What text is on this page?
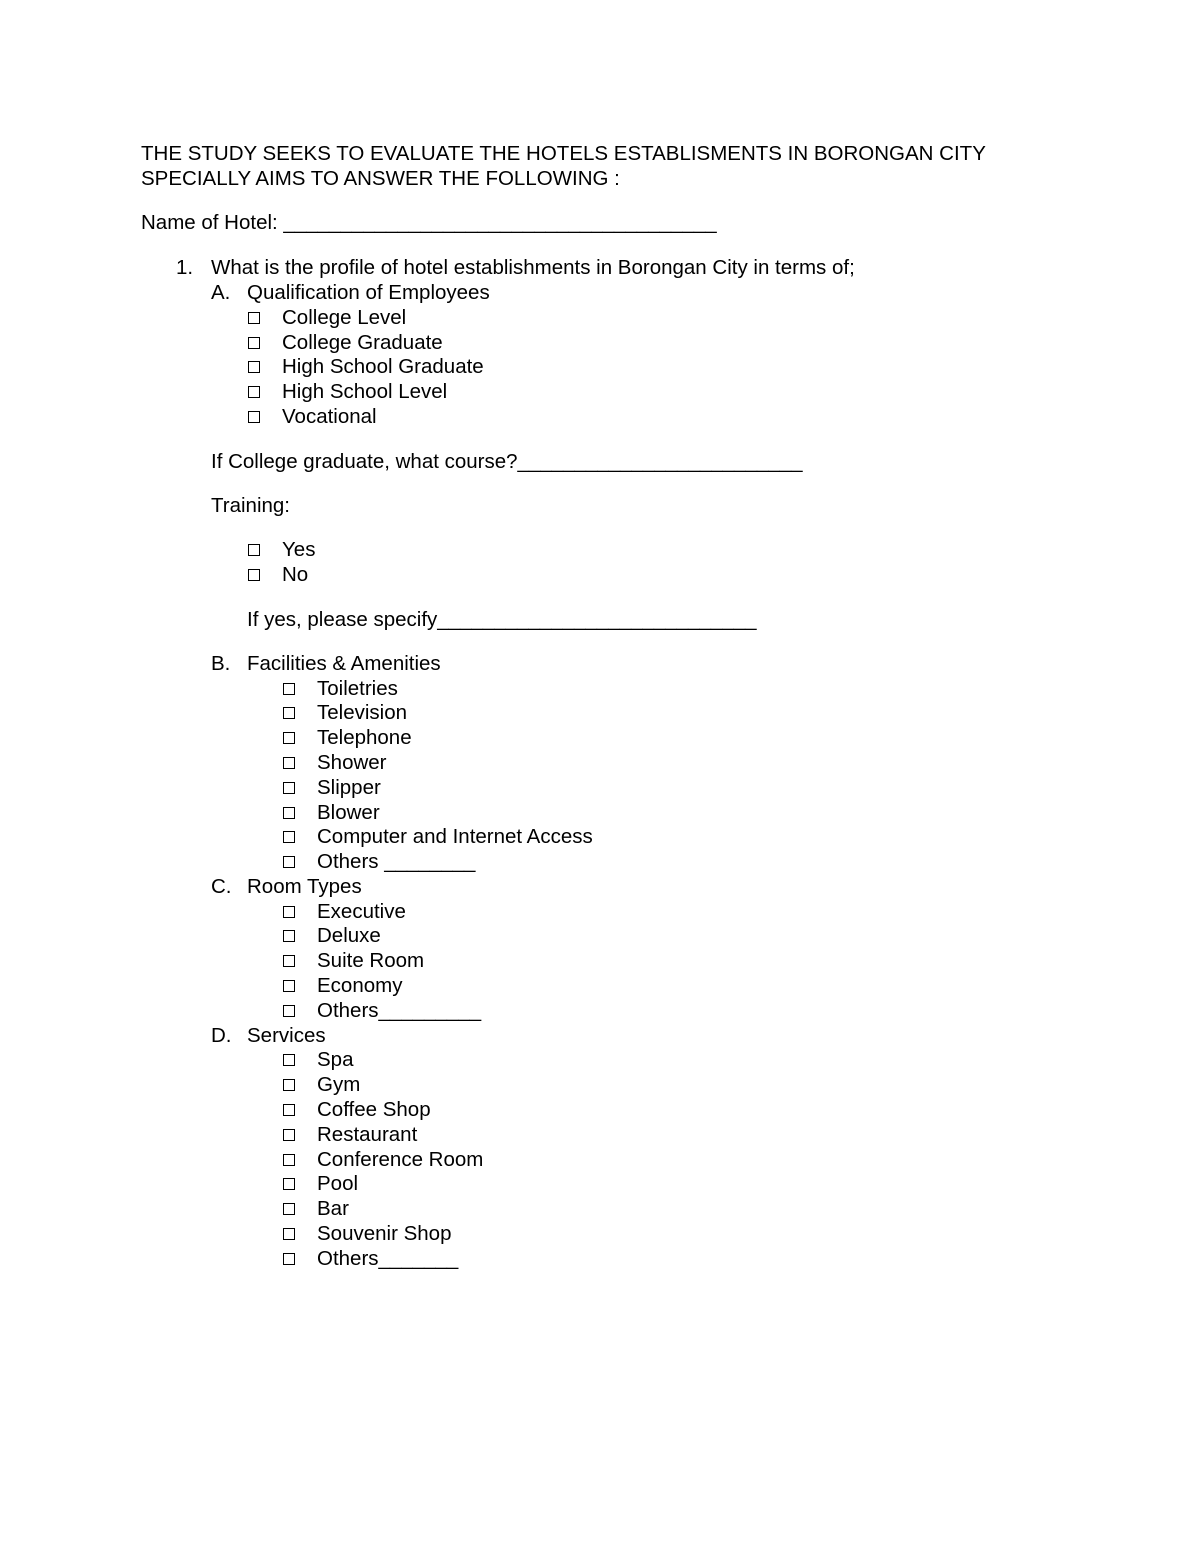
THE STUDY SEEKS TO EVALUATE THE HOTELS ESTABLISMENTS IN BORONGAN CITY
SPECIALLY AIMS TO ANSWER THE FOLLOWING :
Name of Hotel: ______________________________________
1. What is the profile of hotel establishments in Borongan City in terms of;
A. Qualification of Employees
College Level
College Graduate
High School Graduate
High School Level
Vocational
If College graduate, what course?_________________________
Training:
Yes
No
If yes, please specify____________________________
B. Facilities & Amenities
Toiletries
Television
Telephone
Shower
Slipper
Blower
Computer and Internet Access
Others ________
C. Room Types
Executive
Deluxe
Suite Room
Economy
Others_________
D. Services
Spa
Gym
Coffee Shop
Restaurant
Conference Room
Pool
Bar
Souvenir Shop
Others_______
